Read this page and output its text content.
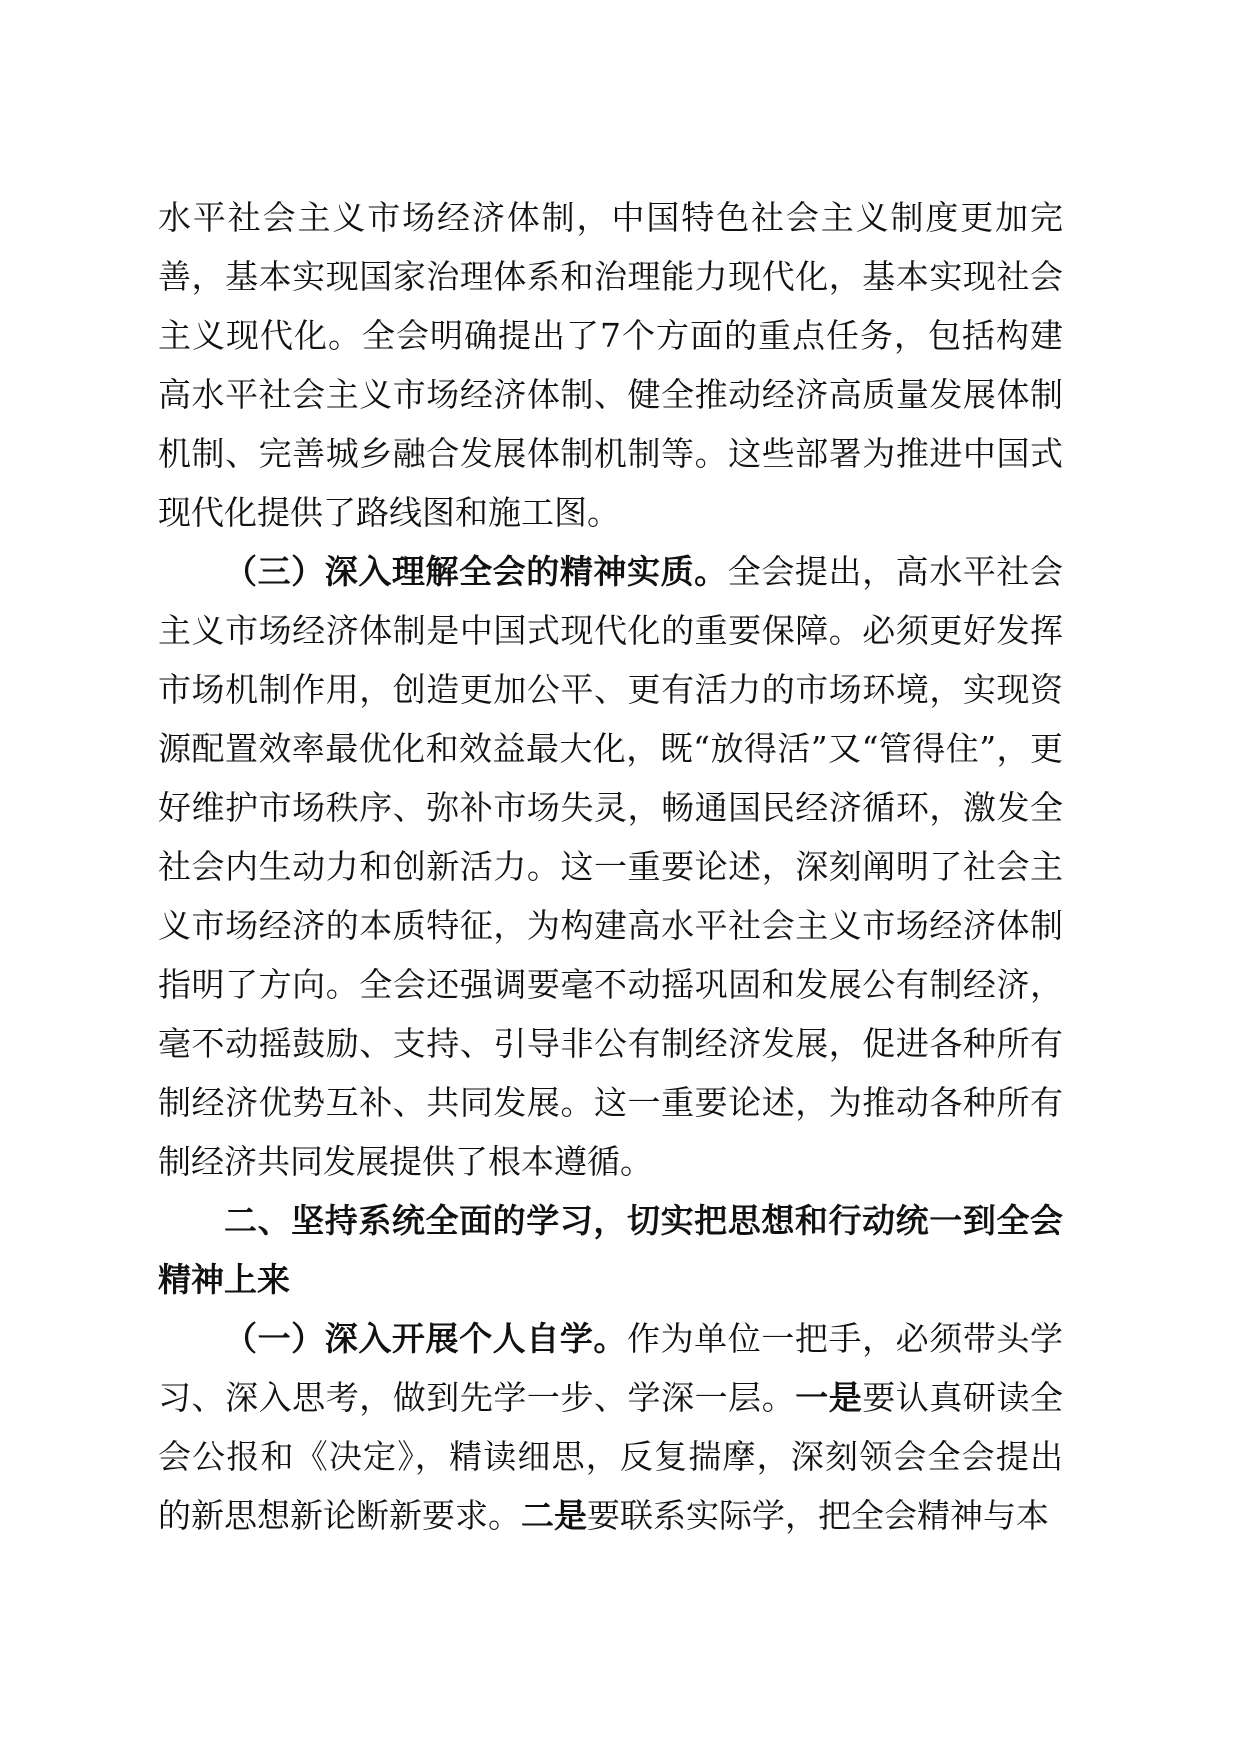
水平社会主义市场经济体制，中国特色社会主义制度更加完善，基本实现国家治理体系和治理能力现代化，基本实现社会主义现代化。全会明确提出了7个方面的重点任务，包括构建高水平社会主义市场经济体制、健全推动经济高质量发展体制机制、完善城乡融合发展体制机制等。这些部署为推进中国式现代化提供了路线图和施工图。

（三）深入理解全会的精神实质。全会提出，高水平社会主义市场经济体制是中国式现代化的重要保障。必须更好发挥市场机制作用，创造更加公平、更有活力的市场环境，实现资源配置效率最优化和效益最大化，既“放得活”又“管得住”，更好维护市场秩序、弥补市场失灵，畅通国民经济循环，激发全社会内生动力和创新活力。这一重要论述，深刻阐明了社会主义市场经济的本质特征，为构建高水平社会主义市场经济体制指明了方向。全会还强调要毫不动摇巩固和发展公有制经济，毫不动摇鼓励、支持、引导非公有制经济发展，促进各种所有制经济优势互补、共同发展。这一重要论述，为推动各种所有制经济共同发展提供了根本遵循。

二、坚持系统全面的学习，切实把思想和行动统一到全会精神上来

（一）深入开展个人自学。作为单位一把手，必须带头学习、深入思考，做到先学一步、学深一层。一是要认真研读全会公报和《决定》，精读细思，反复揣摩，深刻领会全会提出的新思想新论断新要求。二是要联系实际学，把全会精神与本
